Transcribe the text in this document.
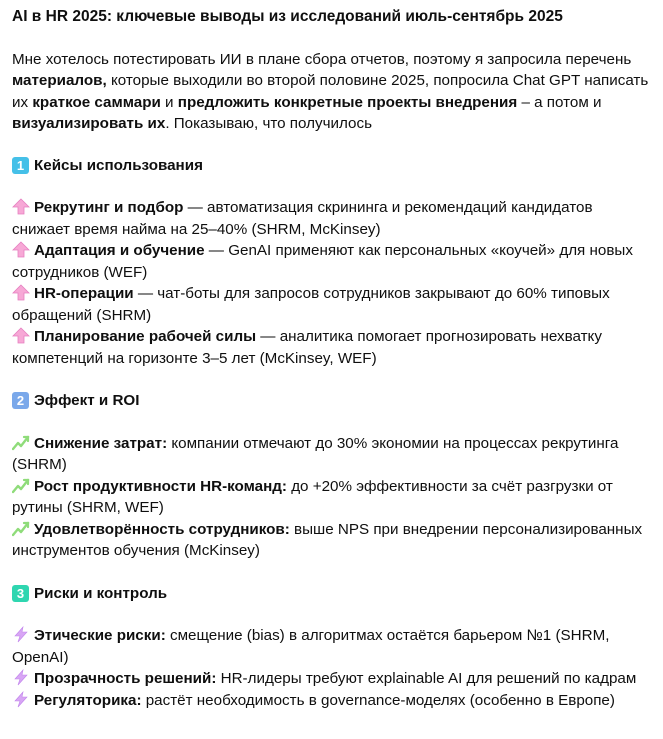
AI в HR 2025: ключевые выводы из исследований июль-сентябрь 2025

Мне хотелось потестировать ИИ в плане сбора отчетов, поэтому я запросила перечень материалов, которые выходили во второй половине 2025, попросила Chat GPT написать их краткое саммари и предложить конкретные проекты внедрения – а потом и визуализировать их. Показываю, что получилось

1 Кейсы использования

Рекрутинг и подбор — автоматизация скрининга и рекомендаций кандидатов снижает время найма на 25–40% (SHRM, McKinsey)

Адаптация и обучение — GenAI применяют как персональных «коучей» для новых сотрудников (WEF)

HR-операции — чат-боты для запросов сотрудников закрывают до 60% типовых обращений (SHRM)

Планирование рабочей силы — аналитика помогает прогнозировать нехватку компетенций на горизонте 3–5 лет (McKinsey, WEF)

2 Эффект и ROI

Снижение затрат: компании отмечают до 30% экономии на процессах рекрутинга (SHRM)

Рост продуктивности HR-команд: до +20% эффективности за счёт разгрузки от рутины (SHRM, WEF)

Удовлетворённость сотрудников: выше NPS при внедрении персонализированных инструментов обучения (McKinsey)

3 Риски и контроль

Этические риски: смещение (bias) в алгоритмах остаётся барьером №1 (SHRM, OpenAI)

Прозрачность решений: HR-лидеры требуют explainable AI для решений по кадрам

Регуляторика: растёт необходимость в governance-моделях (особенно в Европе)
